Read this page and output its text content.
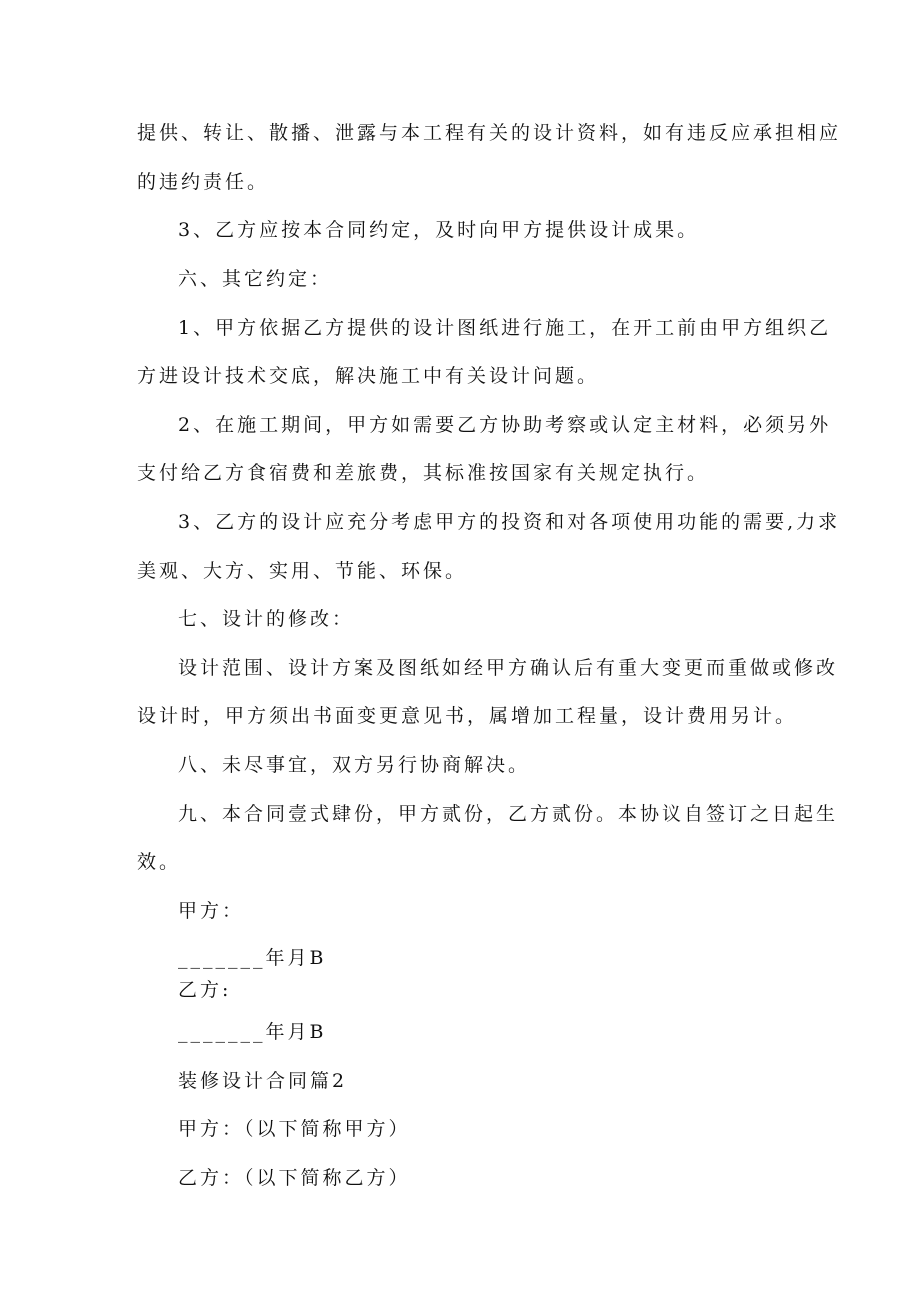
提供、转让、散播、泄露与本工程有关的设计资料，如有违反应承担相应
的违约责任。
3、乙方应按本合同约定，及时向甲方提供设计成果。
六、其它约定：
1、甲方依据乙方提供的设计图纸进行施工，在开工前由甲方组织乙
方进设计技术交底，解决施工中有关设计问题。
2、在施工期间，甲方如需要乙方协助考察或认定主材料，必须另外
支付给乙方食宿费和差旅费，其标准按国家有关规定执行。
3、乙方的设计应充分考虑甲方的投资和对各项使用功能的需要,力求
美观、大方、实用、节能、环保。
七、设计的修改：
设计范围、设计方案及图纸如经甲方确认后有重大变更而重做或修改
设计时，甲方须出书面变更意见书，属增加工程量，设计费用另计。
八、未尽事宜，双方另行协商解决。
九、本合同壹式肆份，甲方贰份，乙方贰份。本协议自签订之日起生
效。
甲方：
_______年月B
乙方:
_______年月B
装修设计合同篇2
甲方：（以下简称甲方）
乙方：（以下简称乙方）
